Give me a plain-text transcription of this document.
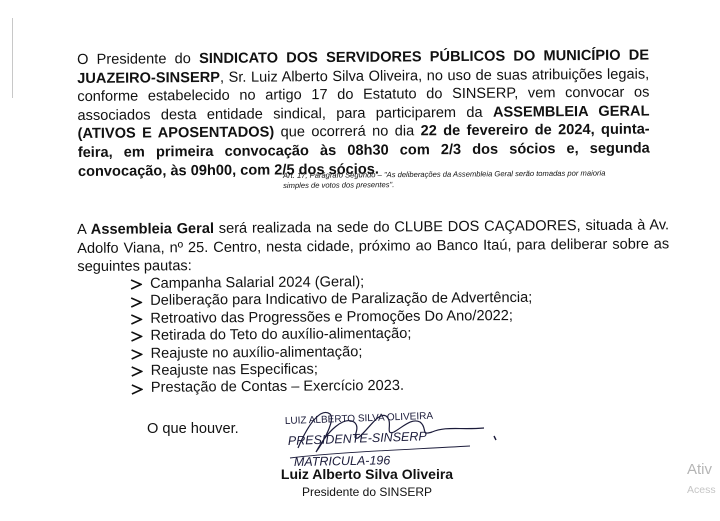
O Presidente do SINDICATO DOS SERVIDORES PÚBLICOS DO MUNICÍPIO DE JUAZEIRO-SINSERP, Sr. Luiz Alberto Silva Oliveira, no uso de suas atribuições legais, conforme estabelecido no artigo 17 do Estatuto do SINSERP, vem convocar os associados desta entidade sindical, para participarem da ASSEMBLEIA GERAL (ATIVOS E APOSENTADOS) que ocorrerá no dia 22 de fevereiro de 2024, quinta-feira, em primeira convocação às 08h30 com 2/3 dos sócios e, segunda convocação, às 09h00, com 2/5 dos sócios.

Art. 17, Parágrafo Segundo – "As deliberações da Assembleia Geral serão tomadas por maioria simples de votos dos presentes".

A Assembleia Geral será realizada na sede do CLUBE DOS CAÇADORES, situada à Av. Adolfo Viana, nº 25. Centro, nesta cidade, próximo ao Banco Itaú, para deliberar sobre as seguintes pautas:

Campanha Salarial 2024 (Geral);
Deliberação para Indicativo de Paralização de Advertência;
Retroativo das Progressões e Promoções Do Ano/2022;
Retirada do Teto do auxílio-alimentação;
Reajuste no auxílio-alimentação;
Reajuste nas Especificas;
Prestação de Contas – Exercício 2023.
O que houver.
LUIZ ALBERTO SILVA OLIVEIRA
PRESIDENTE-SINSERP
MATRICULA-196
Luiz Alberto Silva Oliveira
Presidente do SINSERP
Ativ
Acess
